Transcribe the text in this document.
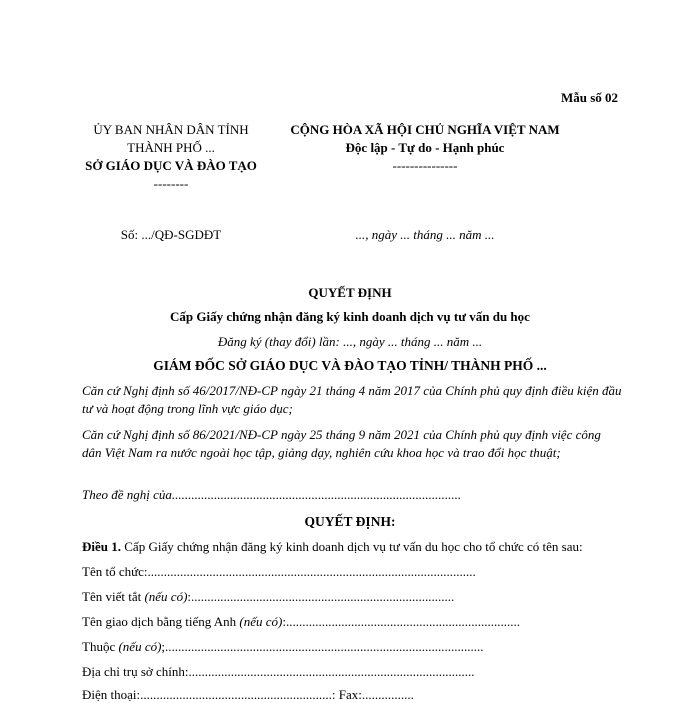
Mẫu số 02
ỦY BAN NHÂN DÂN TỈNH
THÀNH PHỐ ...
SỞ GIÁO DỤC VÀ ĐÀO TẠO
--------
CỘNG HÒA XÃ HỘI CHỦ NGHĨA VIỆT NAM
Độc lập - Tự do - Hạnh phúc
---------------
Số: .../QĐ-SGDĐT	..., ngày ... tháng ... năm ...
QUYẾT ĐỊNH
Cấp Giấy chứng nhận đăng ký kinh doanh dịch vụ tư vấn du học
Đăng ký (thay đổi) lần: ..., ngày ... tháng ... năm ...
GIÁM ĐỐC SỞ GIÁO DỤC VÀ ĐÀO TẠO TỈNH/ THÀNH PHỐ ...
Căn cứ Nghị định số 46/2017/NĐ-CP ngày 21 tháng 4 năm 2017 của Chính phủ quy định điều kiện đầu tư và hoạt động trong lĩnh vực giáo dục;
Căn cứ Nghị định số 86/2021/NĐ-CP ngày 25 tháng 9 năm 2021 của Chính phủ quy định việc công dân Việt Nam ra nước ngoài học tập, giảng dạy, nghiên cứu khoa học và trao đổi học thuật;
Theo đề nghị của.........................................................................................
QUYẾT ĐỊNH:
Điều 1. Cấp Giấy chứng nhận đăng ký kinh doanh dịch vụ tư vấn du học cho tổ chức có tên sau:
Tên tổ chức:.....................................................................................................
Tên viết tắt (nếu có):.................................................................................
Tên giao dịch bằng tiếng Anh (nếu có):........................................................................
Thuộc (nếu có);..................................................................................................
Địa chỉ trụ sở chính:........................................................................................
Điện thoại:...........................................................: Fax:................
